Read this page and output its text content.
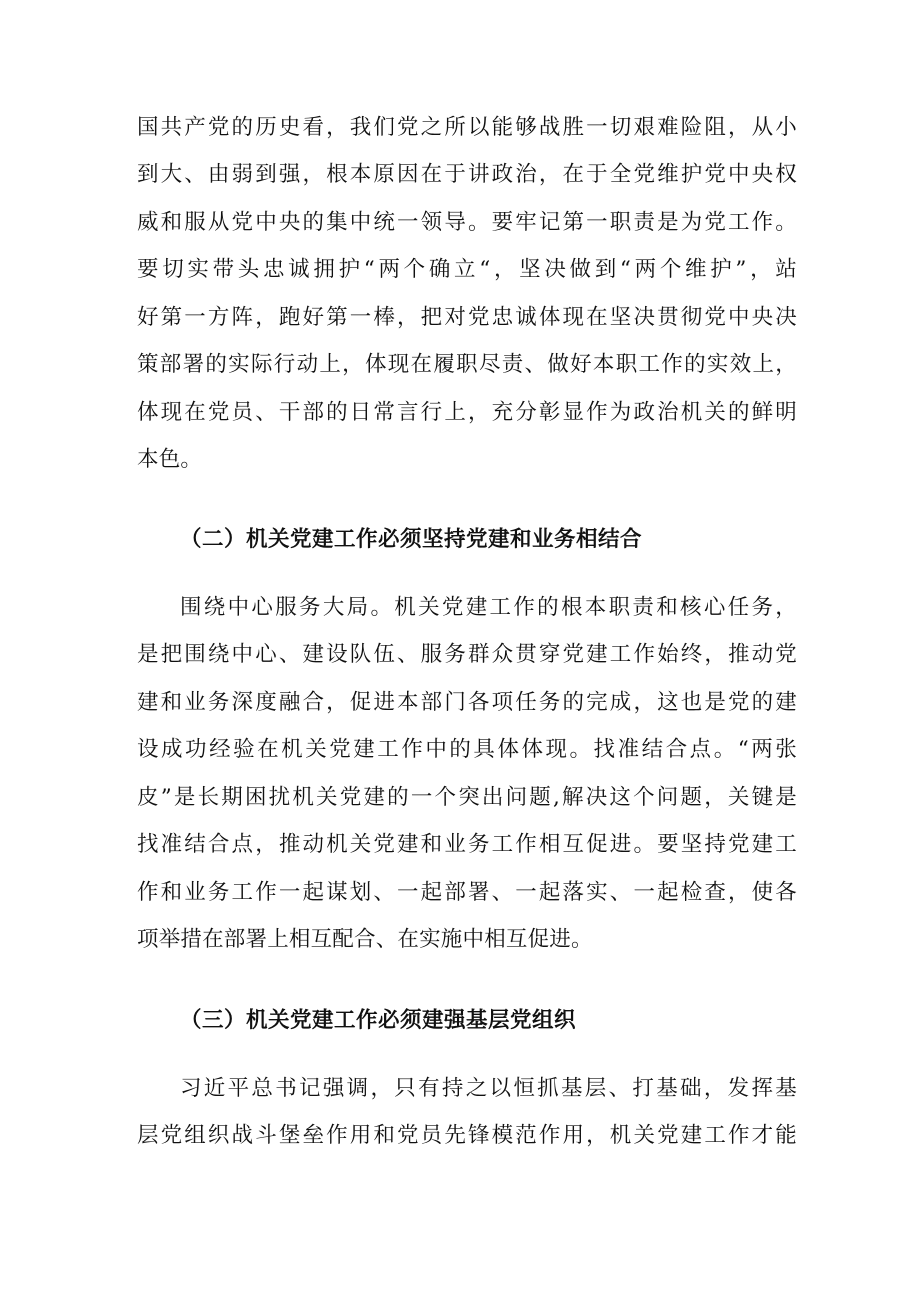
国共产党的历史看，我们党之所以能够战胜一切艰难险阻，从小
到大、由弱到强，根本原因在于讲政治，在于全党维护党中央权
威和服从党中央的集中统一领导。要牢记第一职责是为党工作。
要切实带头忠诚拥护“两个确立“，坚决做到“两个维护”，站
好第一方阵，跑好第一棒，把对党忠诚体现在坚决贯彻党中央决
策部署的实际行动上，体现在履职尽责、做好本职工作的实效上，
体现在党员、干部的日常言行上，充分彰显作为政治机关的鲜明
本色。
（二）机关党建工作必须坚持党建和业务相结合
围绕中心服务大局。机关党建工作的根本职责和核心任务，
是把围绕中心、建设队伍、服务群众贯穿党建工作始终，推动党
建和业务深度融合，促进本部门各项任务的完成，这也是党的建
设成功经验在机关党建工作中的具体体现。找准结合点。“两张
皮”是长期困扰机关党建的一个突出问题,解决这个问题，关键是
找准结合点，推动机关党建和业务工作相互促进。要坚持党建工
作和业务工作一起谋划、一起部署、一起落实、一起检查，使各
项举措在部署上相互配合、在实施中相互促进。
（三）机关党建工作必须建强基层党组织
习近平总书记强调，只有持之以恒抓基层、打基础，发挥基
层党组织战斗堡垒作用和党员先锋模范作用，机关党建工作才能
